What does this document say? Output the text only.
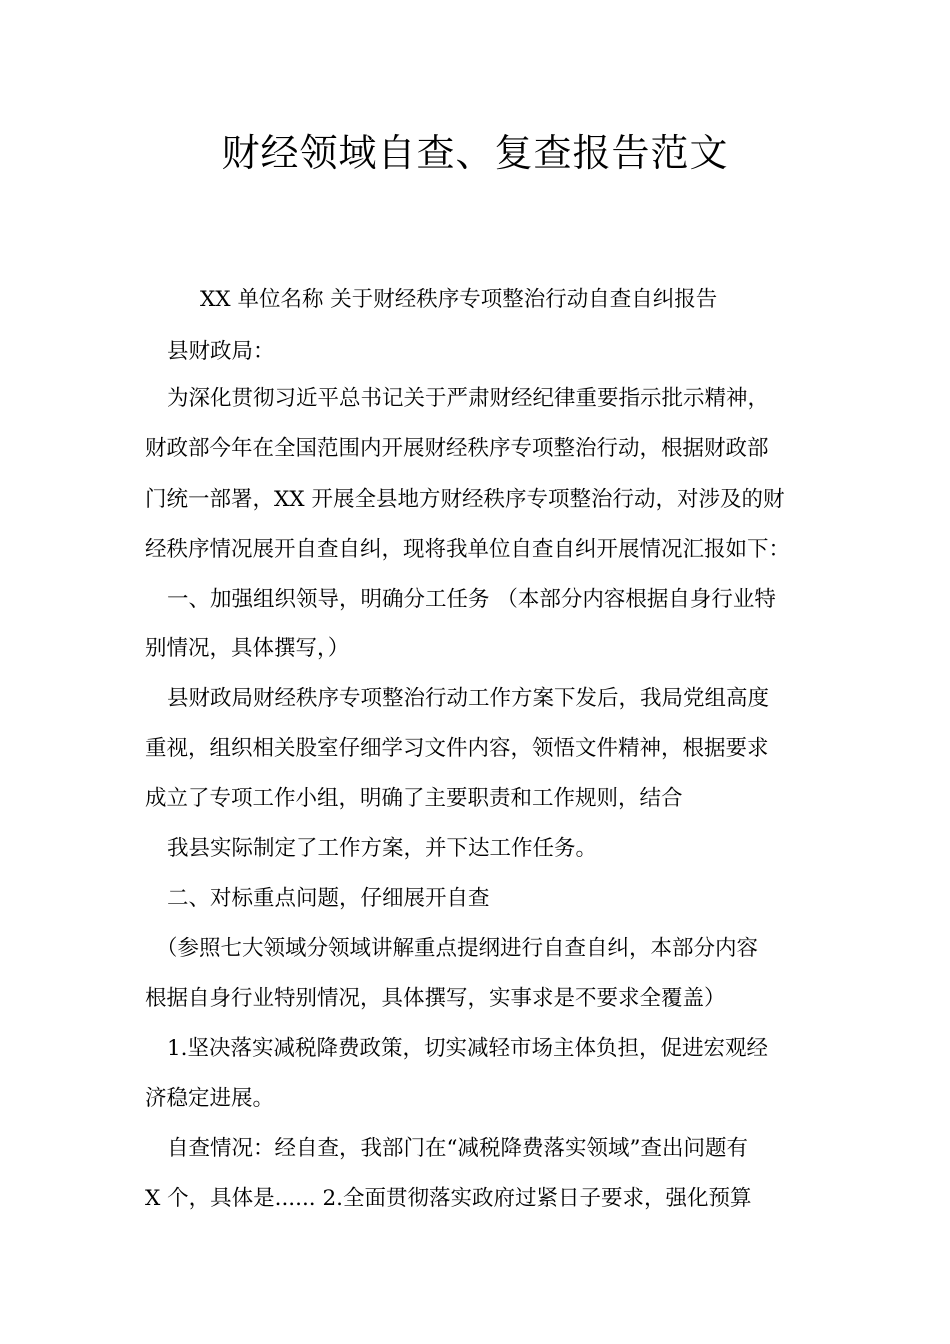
财经领域自查、复查报告范文
XX 单位名称 关于财经秩序专项整治行动自查自纠报告
县财政局：
为深化贯彻习近平总书记关于严肃财经纪律重要指示批示精神，
财政部今年在全国范围内开展财经秩序专项整治行动，根据财政部
门统一部署，XX 开展全县地方财经秩序专项整治行动，对涉及的财
经秩序情况展开自查自纠，现将我单位自查自纠开展情况汇报如下：
一、加强组织领导，明确分工任务 （本部分内容根据自身行业特
别情况，具体撰写，）
县财政局财经秩序专项整治行动工作方案下发后，我局党组高度
重视，组织相关股室仔细学习文件内容，领悟文件精神，根据要求
成立了专项工作小组，明确了主要职责和工作规则，结合
我县实际制定了工作方案，并下达工作任务。
二、对标重点问题，仔细展开自查
（参照七大领域分领域讲解重点提纲进行自查自纠，本部分内容
根据自身行业特别情况，具体撰写，实事求是不要求全覆盖）
1.坚决落实减税降费政策，切实减轻市场主体负担，促进宏观经
济稳定进展。
自查情况：经自查，我部门在“减税降费落实领域”查出问题有
X 个，具体是...... 2.全面贯彻落实政府过紧日子要求，强化预算
